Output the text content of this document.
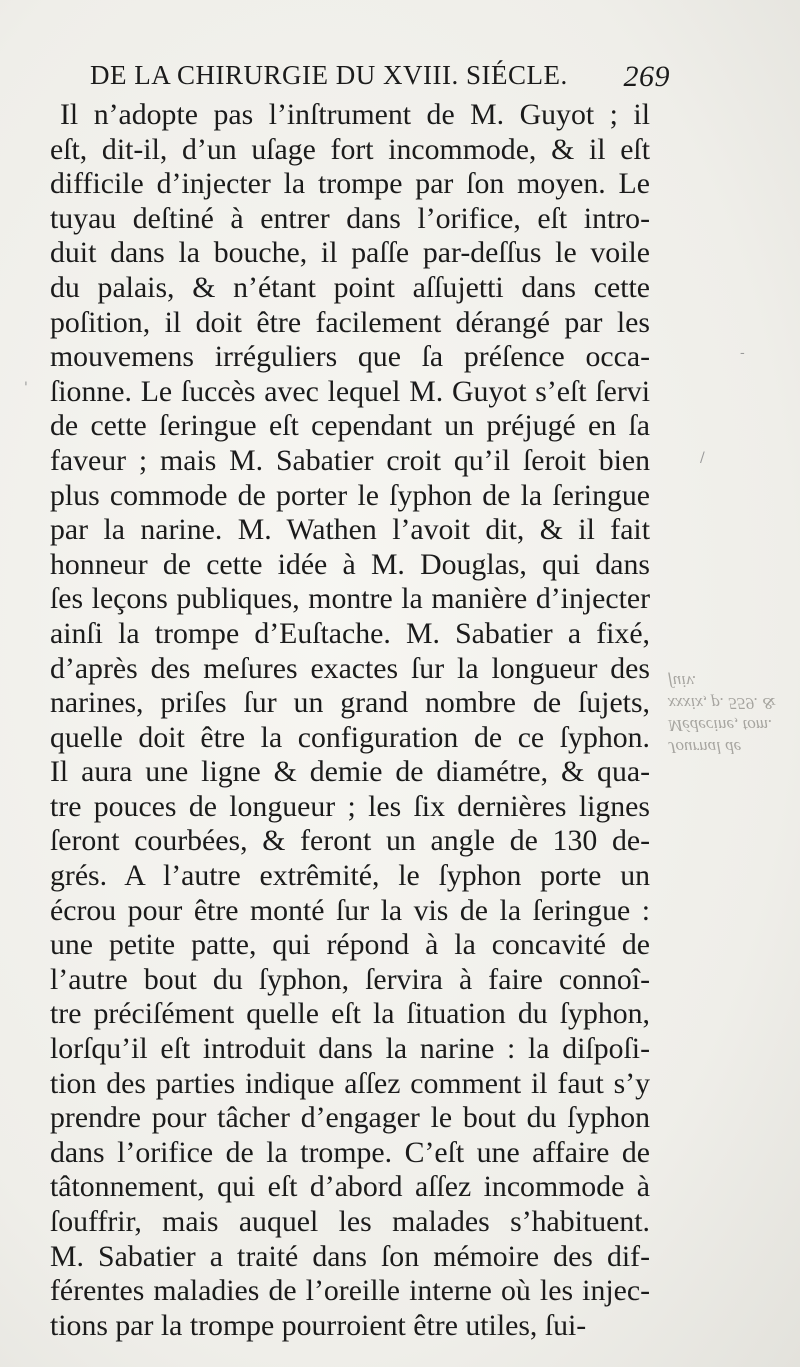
DE LA CHIRURGIE DU XVIII. SIÉCLE. 269
Il n’adopte pas l’inſtrument de M. Guyot ; il
eſt, dit-il, d’un uſage fort incommode, & il eſt
difficile d’injecter la trompe par ſon moyen. Le
tuyau deſtiné à entrer dans l’orifice, eſt intro-
duit dans la bouche, il paſſe par-deſſus le voile
du palais, & n’étant point aſſujetti dans cette
poſition, il doit être facilement dérangé par les
mouvemens irréguliers que ſa préſence occa-
ſionne. Le ſuccès avec lequel M. Guyot s’eſt ſervi
de cette ſeringue eſt cependant un préjugé en ſa
faveur ; mais M. Sabatier croit qu’il ſeroit bien
plus commode de porter le ſyphon de la ſeringue
par la narine. M. Wathen l’avoit dit, & il fait
honneur de cette idée à M. Douglas, qui dans
ſes leçons publiques, montre la manière d’injecter
ainſi la trompe d’Euſtache. M. Sabatier a fixé,
d’après des meſures exactes ſur la longueur des
narines, priſes ſur un grand nombre de ſujets,
quelle doit être la configuration de ce ſyphon.
Il aura une ligne & demie de diamétre, & qua-
tre pouces de longueur ; les ſix dernières lignes
ſeront courbées, & feront un angle de 130 de-
grés. A l’autre extrêmité, le ſyphon porte un
écrou pour être monté ſur la vis de la ſeringue :
une petite patte, qui répond à la concavité de
l’autre bout du ſyphon, ſervira à faire connoî-
tre préciſément quelle eſt la ſituation du ſyphon,
lorſqu’il eſt introduit dans la narine : la diſpoſi-
tion des parties indique aſſez comment il faut s’y
prendre pour tâcher d’engager le bout du ſyphon
dans l’orifice de la trompe. C’eſt une affaire de
tâtonnement, qui eſt d’abord aſſez incommode à
ſouffrir, mais auquel les malades s’habituent.
M. Sabatier a traité dans ſon mémoire des dif-
férentes maladies de l’oreille interne où les injec-
tions par la trompe pourroient être utiles, ſui-
Journal de Médecine, tom. xxxix, p. 559. & ſuiv.
'
-
/
